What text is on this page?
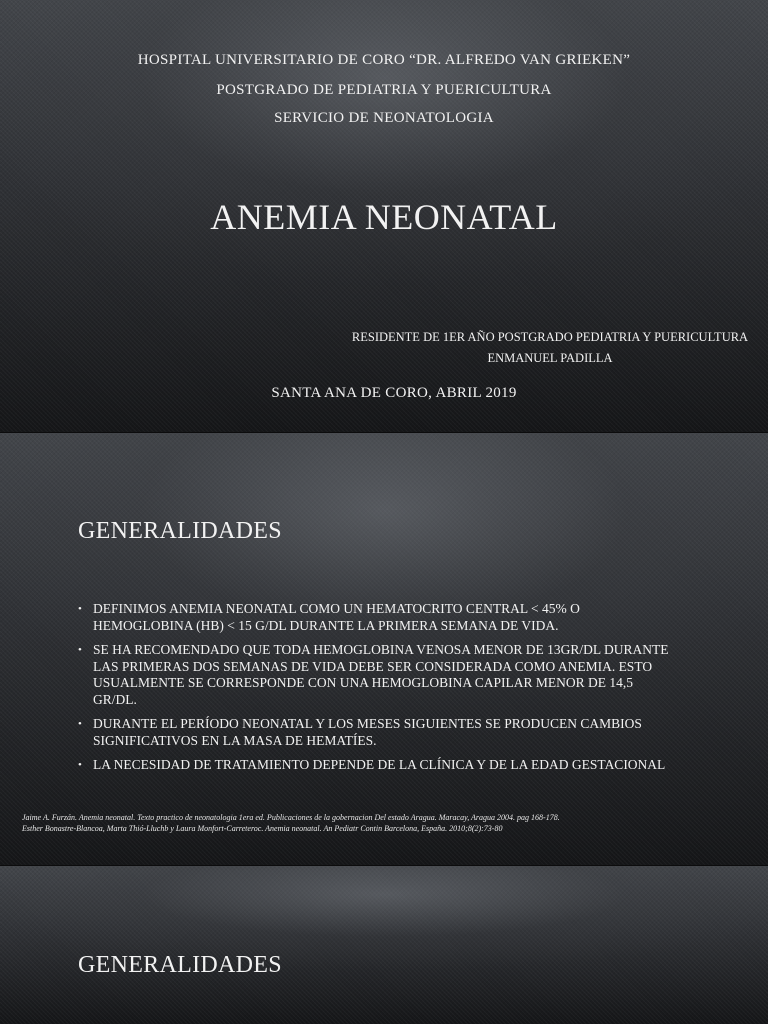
HOSPITAL UNIVERSITARIO DE CORO “DR. ALFREDO VAN GRIEKEN”
POSTGRADO DE PEDIATRIA Y PUERICULTURA
SERVICIO DE NEONATOLOGIA
ANEMIA NEONATAL
RESIDENTE DE 1ER AÑO POSTGRADO PEDIATRIA Y PUERICULTURA
ENMANUEL PADILLA
SANTA ANA DE CORO, ABRIL 2019
GENERALIDADES
• DEFINIMOS ANEMIA NEONATAL COMO UN HEMATOCRITO CENTRAL < 45% O HEMOGLOBINA (HB) < 15 G/DL DURANTE LA PRIMERA SEMANA DE VIDA.
• SE HA RECOMENDADO QUE TODA HEMOGLOBINA VENOSA MENOR DE 13GR/DL DURANTE LAS PRIMERAS DOS SEMANAS DE VIDA DEBE SER CONSIDERADA COMO ANEMIA. ESTO USUALMENTE SE CORRESPONDE CON UNA HEMOGLOBINA CAPILAR MENOR DE 14,5 GR/DL.
• DURANTE EL PERÍODO NEONATAL Y LOS MESES SIGUIENTES SE PRODUCEN CAMBIOS SIGNIFICATIVOS EN LA MASA DE HEMATÍES.
• LA NECESIDAD DE TRATAMIENTO DEPENDE DE LA CLÍNICA Y DE LA EDAD GESTACIONAL
Jaime A. Furzán. Anemia neonatal. Texto practico de neonatologia 1era ed. Publicaciones de la gobernacion Del estado Aragua. Maracay, Aragua 2004. pag 168-178.
Esther Bonastre-Blancoa, Marta Thió-Lluchb y Laura Monfort-Carreteroc. Anemia neonatal. An Pediatr Contin Barcelona, España. 2010;8(2):73-80
GENERALIDADES
